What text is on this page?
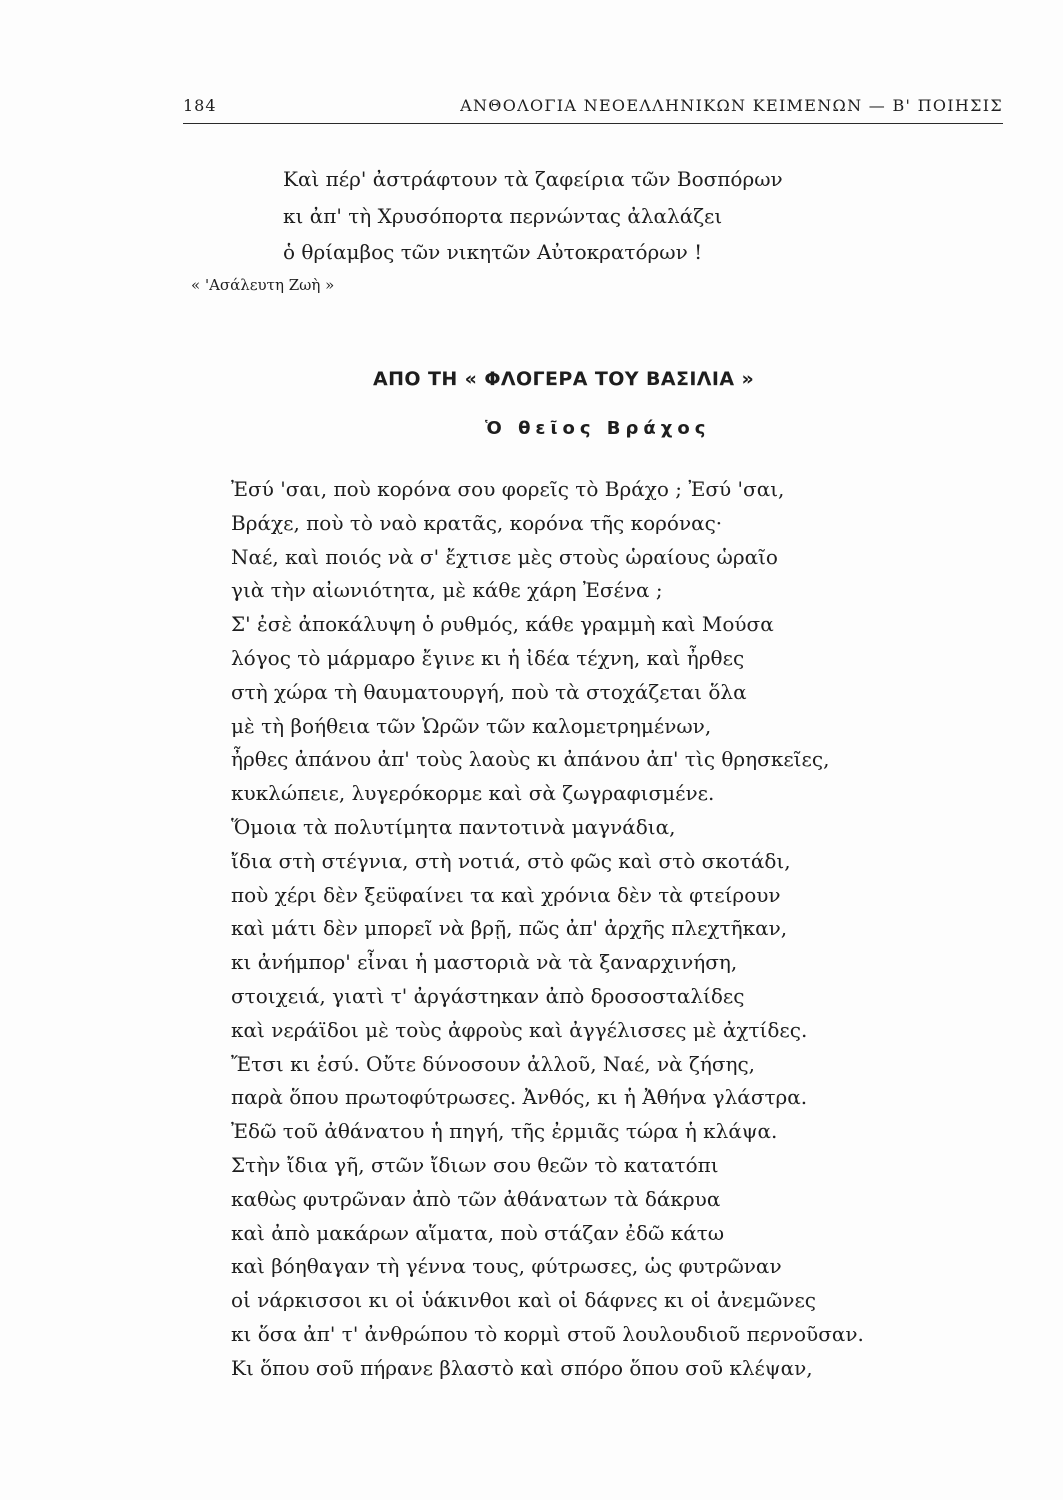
184	ΑΝΘΟΛΟΓΙΑ ΝΕΟΕΛΛΗΝΙΚΩΝ ΚΕΙΜΕΝΩΝ — Β' ΠΟΙΗΣΙΣ
Καὶ πέρ' ἀστράφτουν τὰ ζαφείρια τῶν Βοσπόρων
κι ἀπ' τὴ Χρυσόπορτα περνώντας ἀλαλάζει
ὁ θρίαμβος τῶν νικητῶν Αὐτοκρατόρων !
« 'Ασάλευτη Ζωὴ »
ΑΠΟ ΤΗ « ΦΛΟΓΕΡΑ ΤΟΥ ΒΑΣΙΛΙΑ »
Ὁ θεῖος Βράχος
Ἐσύ 'σαι, ποὺ κορόνα σου φορεῖς τὸ Βράχο ; Ἐσύ 'σαι,
Βράχε, ποὺ τὸ ναὸ κρατᾶς, κορόνα τῆς κορόνας·
Ναέ, καὶ ποιός νὰ σ' ἔχτισε μὲς στοὺς ὡραίους ὡραῖο
γιὰ τὴν αἰωνιότητα, μὲ κάθε χάρη Ἐσένα ;
Σ' ἐσὲ ἀποκάλυψη ὁ ρυθμός, κάθε γραμμὴ καὶ Μούσα
λόγος τὸ μάρμαρο ἔγινε κι ἡ ἰδέα τέχνη, καὶ ἦρθες
στὴ χώρα τὴ θαυματουργή, ποὺ τὰ στοχάζεται ὅλα
μὲ τὴ βοήθεια τῶν Ὡρῶν τῶν καλομετρημένων,
ἦρθες ἀπάνου ἀπ' τοὺς λαοὺς κι ἀπάνου ἀπ' τὶς θρησκεῖες,
κυκλώπειε, λυγερόκορμε καὶ σὰ ζωγραφισμένε.
Ὅμοια τὰ πολυτίμητα παντοτινὰ μαγνάδια,
ἴδια στὴ στέγνια, στὴ νοτιά, στὸ φῶς καὶ στὸ σκοτάδι,
ποὺ χέρι δὲν ξεϋφαίνει τα καὶ χρόνια δὲν τὰ φτείρουν
καὶ μάτι δὲν μπορεῖ νὰ βρῇ, πῶς ἀπ' ἀρχῆς πλεχτῆκαν,
κι ἀνήμπορ' εἶναι ἡ μαστοριὰ νὰ τὰ ξαναρχινήση,
στοιχειά, γιατὶ τ' ἀργάστηκαν ἀπὸ δροσοσταλίδες
καὶ νεράϊδοι μὲ τοὺς ἀφροὺς καὶ ἀγγέλισσες μὲ ἀχτίδες.
Ἔτσι κι ἐσύ. Οὔτε δύνοσουν ἀλλοῦ, Ναέ, νὰ ζήσης,
παρὰ ὅπου πρωτοφύτρωσες. Ἀνθός, κι ἡ Ἀθήνα γλάστρα.
Ἐδῶ τοῦ ἀθάνατου ἡ πηγή, τῆς ἐρμιᾶς τώρα ἡ κλάψα.
Στὴν ἴδια γῆ, στῶν ἴδιων σου θεῶν τὸ κατατόπι
καθὼς φυτρῶναν ἀπὸ τῶν ἀθάνατων τὰ δάκρυα
καὶ ἀπὸ μακάρων αἵματα, ποὺ στάζαν ἐδῶ κάτω
καὶ βόηθαγαν τὴ γέννα τους, φύτρωσες, ὡς φυτρῶναν
οἱ νάρκισσοι κι οἱ ὑάκινθοι καὶ οἱ δάφνες κι οἱ ἀνεμῶνες
κι ὅσα ἀπ' τ' ἀνθρώπου τὸ κορμὶ στοῦ λουλουδιοῦ περνοῦσαν.
Κι ὅπου σοῦ πήρανε βλαστὸ καὶ σπόρο ὅπου σοῦ κλέψαν,
